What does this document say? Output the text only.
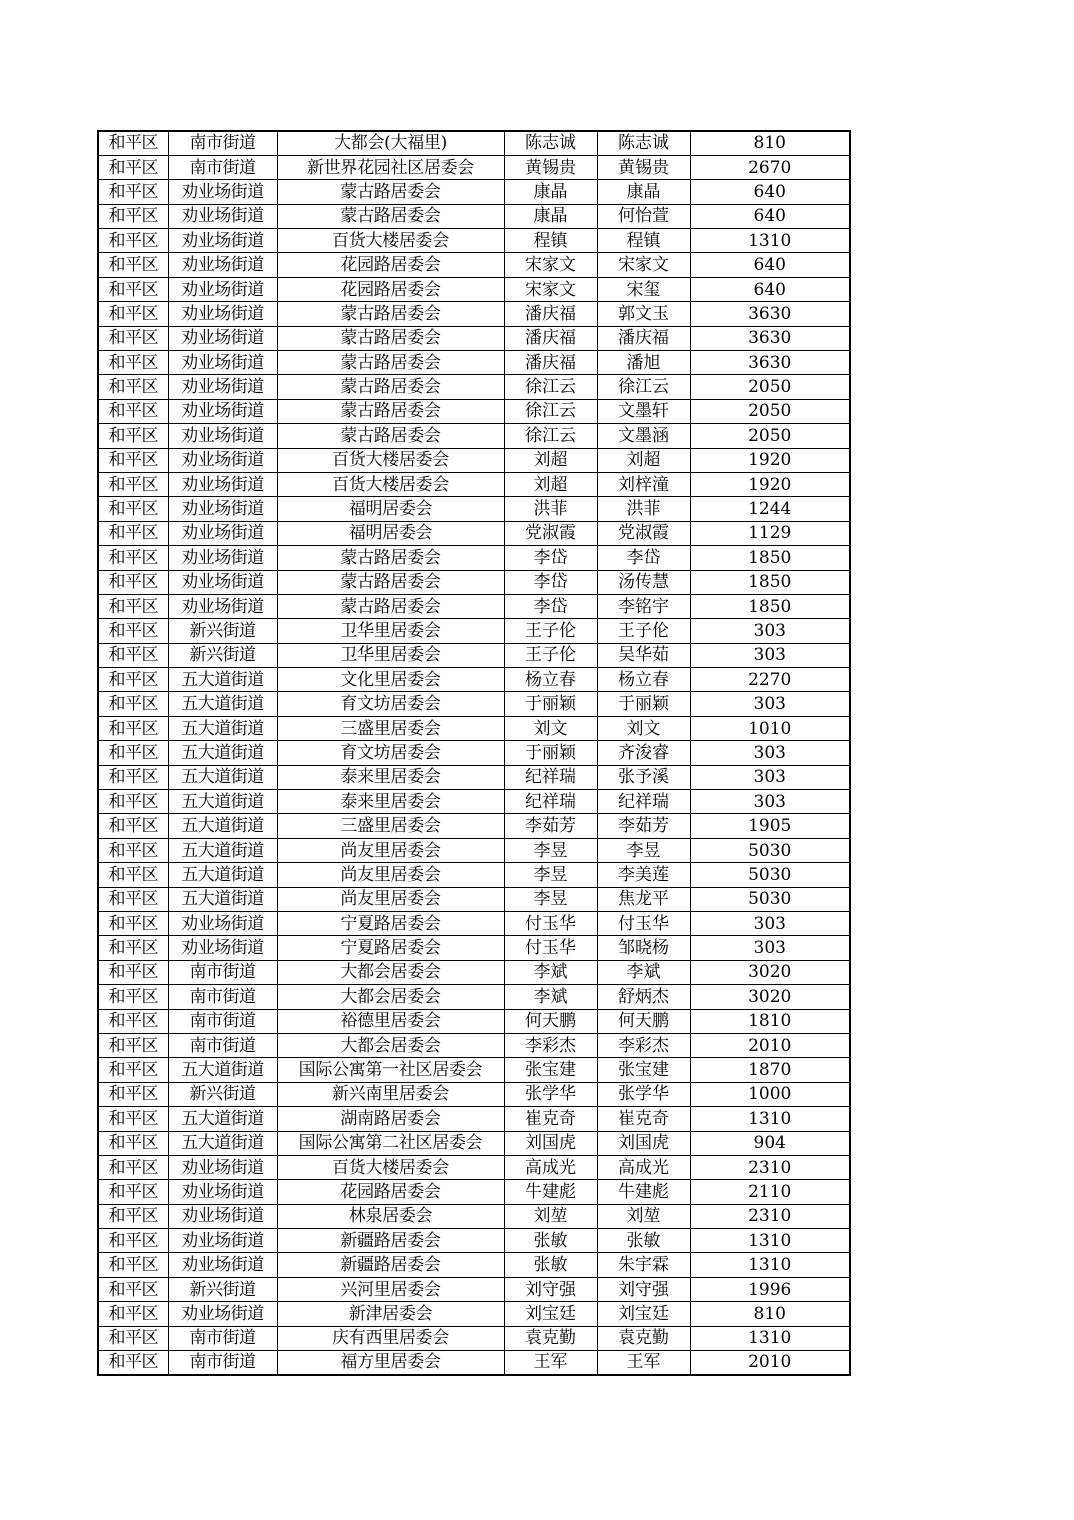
和平区	南市街道	大都会(大福里)	陈志诚	陈志诚	810
和平区	南市街道	新世界花园社区居委会	黄锡贵	黄锡贵	2670
和平区	劝业场街道	蒙古路居委会	康晶	康晶	640
和平区	劝业场街道	蒙古路居委会	康晶	何怡萱	640
和平区	劝业场街道	百货大楼居委会	程镇	程镇	1310
和平区	劝业场街道	花园路居委会	宋家文	宋家文	640
和平区	劝业场街道	花园路居委会	宋家文	宋玺	640
和平区	劝业场街道	蒙古路居委会	潘庆福	郭文玉	3630
和平区	劝业场街道	蒙古路居委会	潘庆福	潘庆福	3630
和平区	劝业场街道	蒙古路居委会	潘庆福	潘旭	3630
和平区	劝业场街道	蒙古路居委会	徐江云	徐江云	2050
和平区	劝业场街道	蒙古路居委会	徐江云	文墨轩	2050
和平区	劝业场街道	蒙古路居委会	徐江云	文墨涵	2050
和平区	劝业场街道	百货大楼居委会	刘超	刘超	1920
和平区	劝业场街道	百货大楼居委会	刘超	刘梓潼	1920
和平区	劝业场街道	福明居委会	洪菲	洪菲	1244
和平区	劝业场街道	福明居委会	党淑霞	党淑霞	1129
和平区	劝业场街道	蒙古路居委会	李岱	李岱	1850
和平区	劝业场街道	蒙古路居委会	李岱	汤传慧	1850
和平区	劝业场街道	蒙古路居委会	李岱	李铭宇	1850
和平区	新兴街道	卫华里居委会	王子伦	王子伦	303
和平区	新兴街道	卫华里居委会	王子伦	吴华茹	303
和平区	五大道街道	文化里居委会	杨立春	杨立春	2270
和平区	五大道街道	育文坊居委会	于丽颖	于丽颖	303
和平区	五大道街道	三盛里居委会	刘文	刘文	1010
和平区	五大道街道	育文坊居委会	于丽颖	齐浚睿	303
和平区	五大道街道	泰来里居委会	纪祥瑞	张予溪	303
和平区	五大道街道	泰来里居委会	纪祥瑞	纪祥瑞	303
和平区	五大道街道	三盛里居委会	李茹芳	李茹芳	1905
和平区	五大道街道	尚友里居委会	李昱	李昱	5030
和平区	五大道街道	尚友里居委会	李昱	李美莲	5030
和平区	五大道街道	尚友里居委会	李昱	焦龙平	5030
和平区	劝业场街道	宁夏路居委会	付玉华	付玉华	303
和平区	劝业场街道	宁夏路居委会	付玉华	邹晓杨	303
和平区	南市街道	大都会居委会	李斌	李斌	3020
和平区	南市街道	大都会居委会	李斌	舒炳杰	3020
和平区	南市街道	裕德里居委会	何天鹏	何天鹏	1810
和平区	南市街道	大都会居委会	李彩杰	李彩杰	2010
和平区	五大道街道	国际公寓第一社区居委会	张宝建	张宝建	1870
和平区	新兴街道	新兴南里居委会	张学华	张学华	1000
和平区	五大道街道	湖南路居委会	崔克奇	崔克奇	1310
和平区	五大道街道	国际公寓第二社区居委会	刘国虎	刘国虎	904
和平区	劝业场街道	百货大楼居委会	高成光	高成光	2310
和平区	劝业场街道	花园路居委会	牛建彪	牛建彪	2110
和平区	劝业场街道	林泉居委会	刘堃	刘堃	2310
和平区	劝业场街道	新疆路居委会	张敏	张敏	1310
和平区	劝业场街道	新疆路居委会	张敏	朱宇霖	1310
和平区	新兴街道	兴河里居委会	刘守强	刘守强	1996
和平区	劝业场街道	新津居委会	刘宝廷	刘宝廷	810
和平区	南市街道	庆有西里居委会	袁克勤	袁克勤	1310
和平区	南市街道	福方里居委会	王军	王军	2010
